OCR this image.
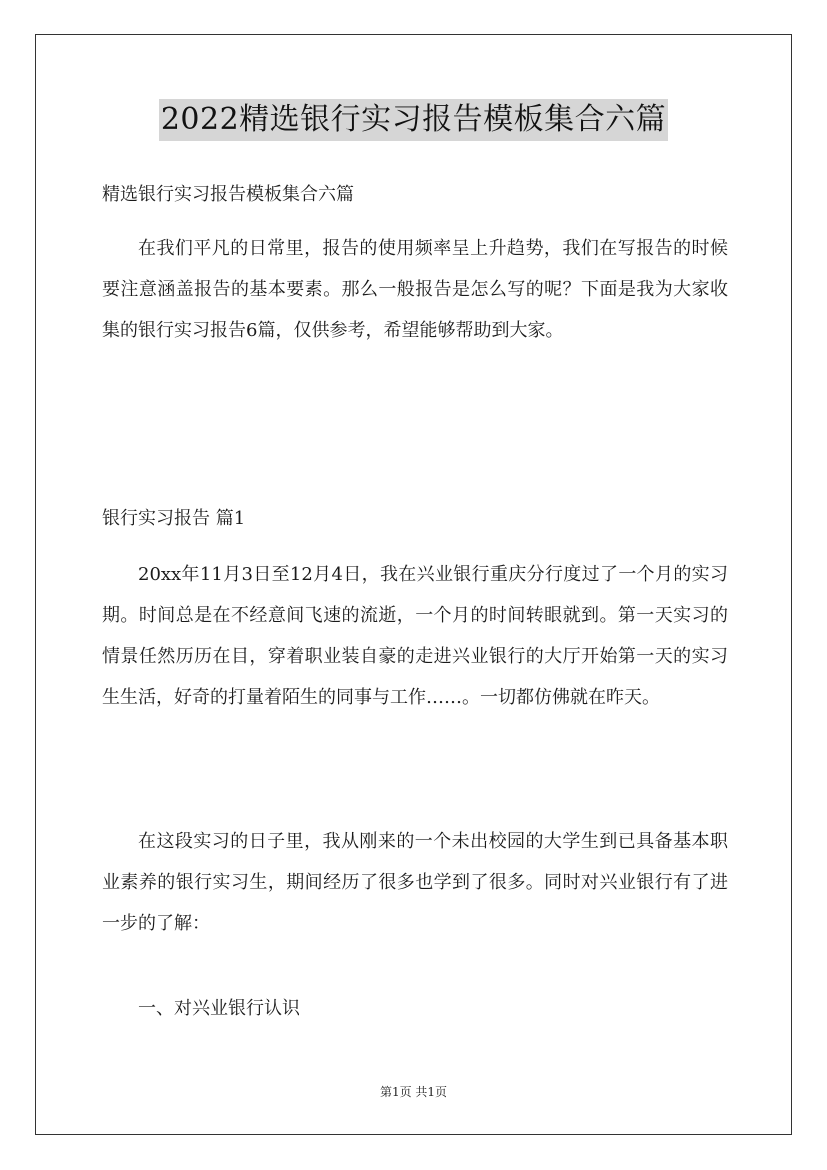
2022精选银行实习报告模板集合六篇
精选银行实习报告模板集合六篇

在我们平凡的日常里，报告的使用频率呈上升趋势，我们在写报告的时候要注意涵盖报告的基本要素。那么一般报告是怎么写的呢？下面是我为大家收集的银行实习报告6篇，仅供参考，希望能够帮助到大家。

银行实习报告 篇1

20xx年11月3日至12月4日，我在兴业银行重庆分行度过了一个月的实习期。时间总是在不经意间飞速的流逝，一个月的时间转眼就到。第一天实习的情景任然历历在目，穿着职业装自豪的走进兴业银行的大厅开始第一天的实习生生活，好奇的打量着陌生的同事与工作……。一切都仿佛就在昨天。

在这段实习的日子里，我从刚来的一个未出校园的大学生到已具备基本职业素养的银行实习生，期间经历了很多也学到了很多。同时对兴业银行有了进一步的了解：

一、对兴业银行认识

第1页 共1页
